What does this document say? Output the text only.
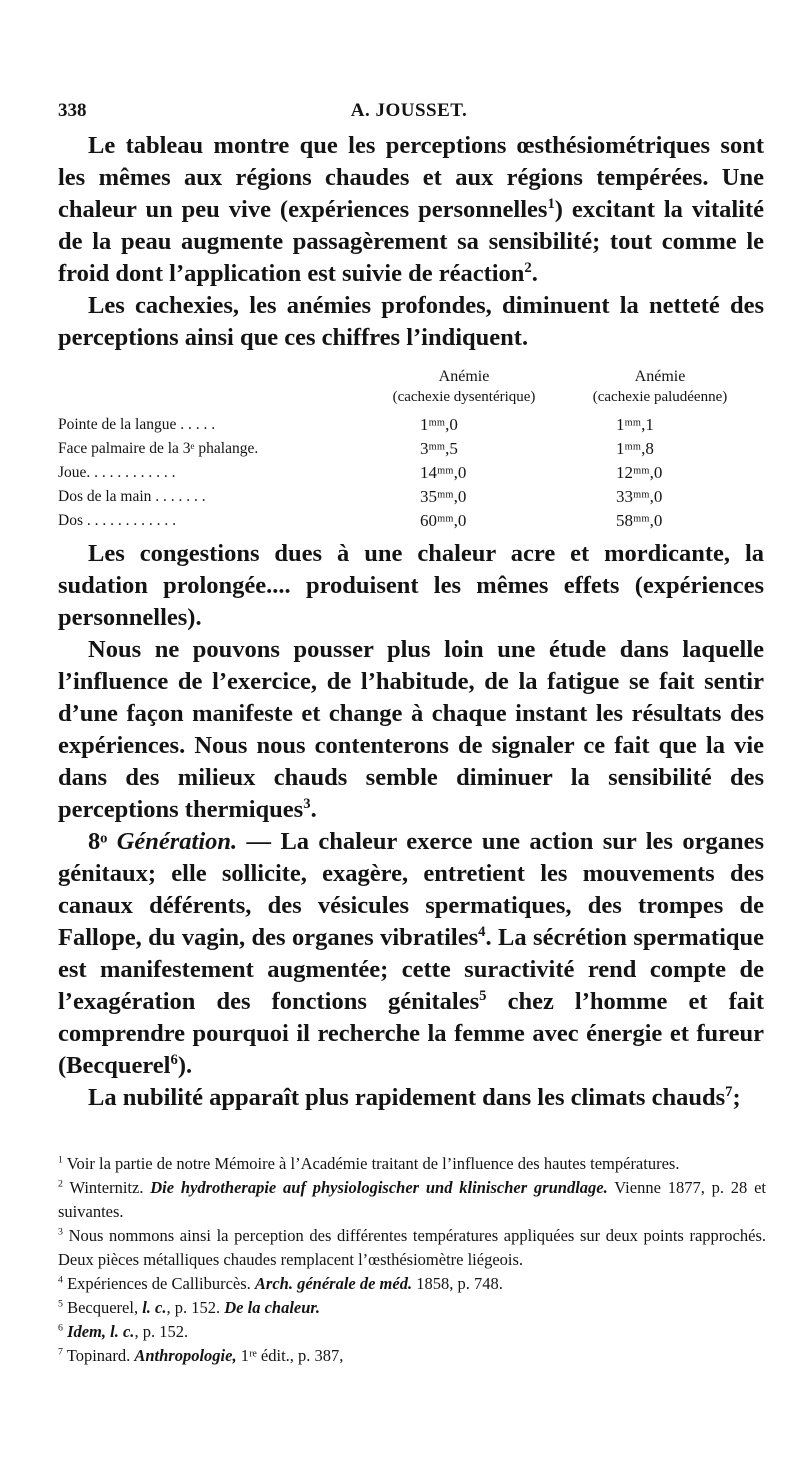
338	A. JOUSSET.

Le tableau montre que les perceptions œsthésiométriques sont les mêmes aux régions chaudes et aux régions tempérées. Une chaleur un peu vive (expériences personnelles$^1$) excitant la vitalité de la peau augmente passagèrement sa sensibilité; tout comme le froid dont l’application est suivie de réaction$^2$.

Les cachexies, les anémies profondes, diminuent la netteté des perceptions ainsi que ces chiffres l’indiquent.

Anémie
(cachexie dysentérique)
Anémie
(cachexie paludéenne)
Pointe de la langue . . . . .	1ᵐᵐ,0	1ᵐᵐ,1
Face palmaire de la 3ᵉ phalange.	3ᵐᵐ,5	1ᵐᵐ,8
Joue. . . . . . . . . . . .	14ᵐᵐ,0	12ᵐᵐ,0
Dos de la main . . . . . . .	35ᵐᵐ,0	33ᵐᵐ,0
Dos . . . . . . . . . . . .	60ᵐᵐ,0	58ᵐᵐ,0

Les congestions dues à une chaleur acre et mordicante, la sudation prolongée.... produisent les mêmes effets (expériences personnelles).

Nous ne pouvons pousser plus loin une étude dans laquelle l’influence de l’exercice, de l’habitude, de la fatigue se fait sentir d’une façon manifeste et change à chaque instant les résultats des expériences. Nous nous contenterons de signaler ce fait que la vie dans des milieux chauds semble diminuer la sensibilité des perceptions thermiques$^3$.

8ᵒ Génération. — La chaleur exerce une action sur les organes génitaux; elle sollicite, exagère, entretient les mouvements des canaux déférents, des vésicules spermatiques, des trompes de Fallope, du vagin, des organes vibratiles$^4$. La sécrétion spermatique est manifestement augmentée; cette suractivité rend compte de l’exagération des fonctions génitales$^5$ chez l’homme et fait comprendre pourquoi il recherche la femme avec énergie et fureur (Becquerel$^6$).

La nubilité apparaît plus rapidement dans les climats chauds$^7$;

$^1$ Voir la partie de notre Mémoire à l’Académie traitant de l’influence des hautes températures.

$^2$ Winternitz. Die hydrotherapie auf physiologischer und klinischer grundlage. Vienne 1877, p. 28 et suivantes.

$^3$ Nous nommons ainsi la perception des différentes températures appliquées sur deux points rapprochés. Deux pièces métalliques chaudes remplacent l’œsthésiomètre liégeois.

$^4$ Expériences de Calliburcès. Arch. générale de méd. 1858, p. 748.

$^5$ Becquerel, l. c., p. 152. De la chaleur.

$^6$ Idem, l. c., p. 152.

$^7$ Topinard. Anthropologie, 1ʳᵉ édit., p. 387,
